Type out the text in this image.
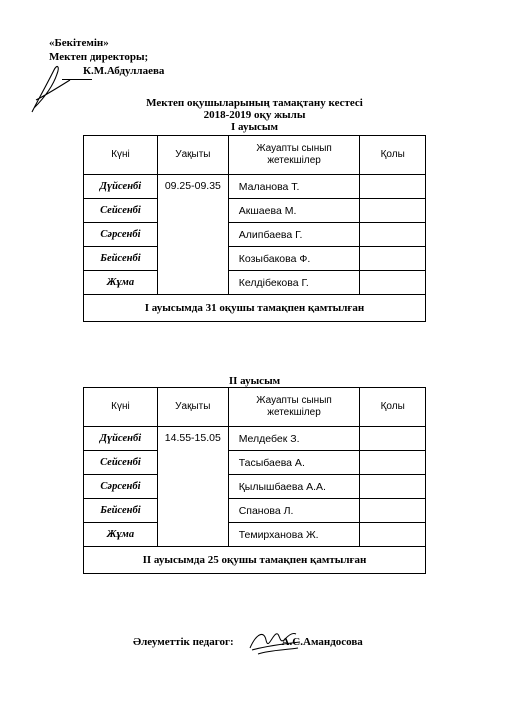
«Бекітемін»
Мектеп директоры;
К.М.Абдуллаева
Мектеп оқушыларының тамақтану кестесі
2018-2019 оқу жылы
І ауысым
Күні	Уақыты	Жауапты сынып жетекшілер	Қолы
Дүйсенбі	09.25-09.35	Маланова Т.	
Сейсенбі		Акшаева М.	
Сәрсенбі		Алипбаева Г.	
Бейсенбі		Козыбакова Ф.	
Жұма		Келдібекова Г.	
І ауысымда 31 оқушы тамақпен қамтылған			
ІІ ауысым
Күні	Уақыты	Жауапты сынып жетекшілер	Қолы
Дүйсенбі	14.55-15.05	Мелдебек З.	
Сейсенбі		Тасыбаева А.	
Сәрсенбі		Қылышбаева А.А.	
Бейсенбі		Спанова Л.	
Жұма		Темирханова Ж.	
ІІ ауысымда 25 оқушы тамақпен қамтылған			
Әлеуметтік педагог:	А.С.Амандосова
